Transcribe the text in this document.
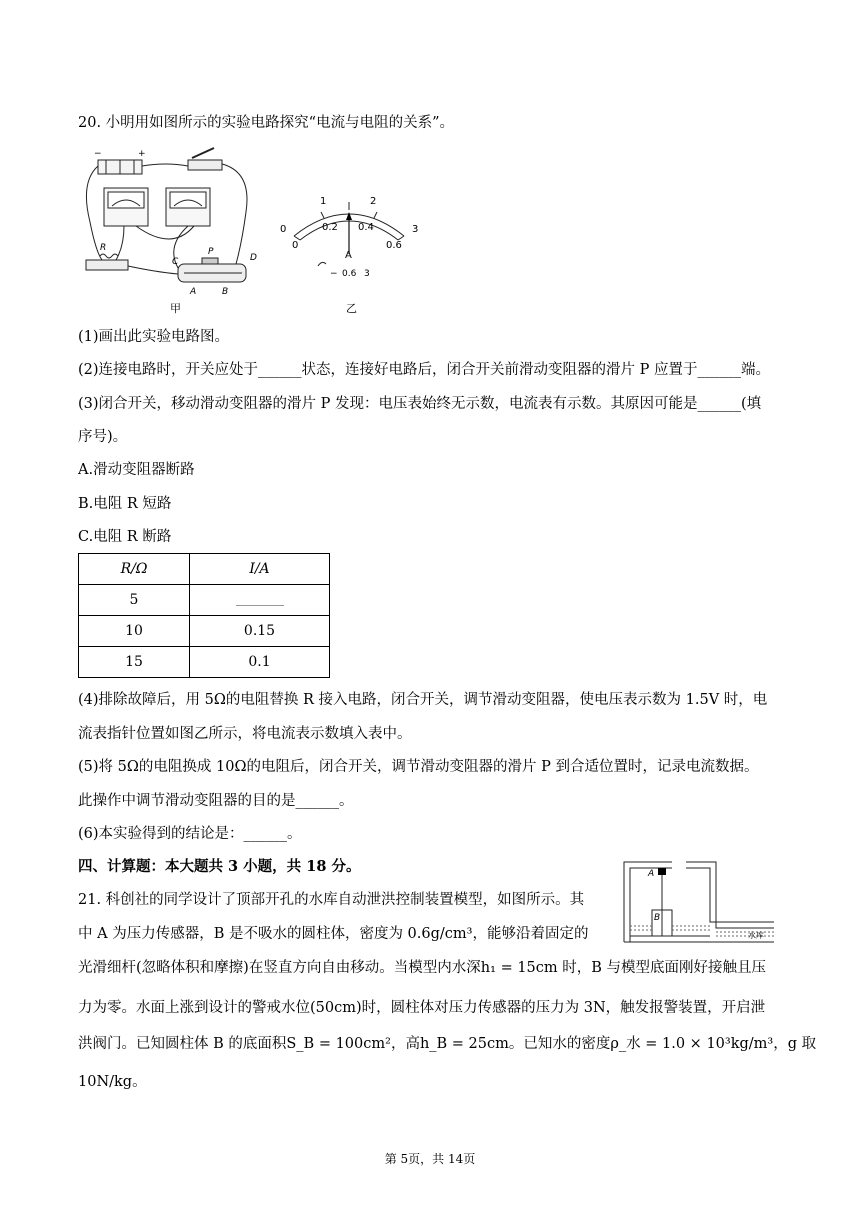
20. 小明用如图所示的实验电路探究“电流与电阻的关系”。
−	+
R	P
C	D
A	B
甲
0
1	2
3
0
0.2 0.4
0.6
A
− 0.6 3
乙
(1)画出此实验电路图。
(2)连接电路时，开关应处于______状态，连接好电路后，闭合开关前滑动变阻器的滑片 P 应置于______端。
(3)闭合开关，移动滑动变阻器的滑片 P 发现：电压表始终无示数，电流表有示数。其原因可能是______(填
序号)。
A.滑动变阻器断路
B.电阻 R 短路
C.电阻 R 断路
R/Ω	I/A
5	
10	0.15
15	0.1
(4)排除故障后，用 5Ω的电阻替换 R 接入电路，闭合开关，调节滑动变阻器，使电压表示数为 1.5V 时，电
流表指针位置如图乙所示，将电流表示数填入表中。
(5)将 5Ω的电阻换成 10Ω的电阻后，闭合开关，调节滑动变阻器的滑片 P 到合适位置时，记录电流数据。
此操作中调节滑动变阻器的目的是______。
(6)本实验得到的结论是：______。
四、计算题：本大题共 3 小题，共 18 分。
21. 科创社的同学设计了顶部开孔的水库自动泄洪控制装置模型，如图所示。其
中 A 为压力传感器，B 是不吸水的圆柱体，密度为 0.6g/cm³，能够沿着固定的
光滑细杆(忽略体积和摩擦)在竖直方向自由移动。当模型内水深h₁ = 15cm 时，B 与模型底面刚好接触且压
力为零。水面上涨到设计的警戒水位(50cm)时，圆柱体对压力传感器的压力为 3N，触发报警装置，开启泄
洪阀门。已知圆柱体 B 的底面积S_B = 100cm²，高h_B = 25cm。已知水的密度ρ_水 = 1.0 × 10³kg/m³，g 取
10N/kg。
A
B
水库
第 5页，共 14页
